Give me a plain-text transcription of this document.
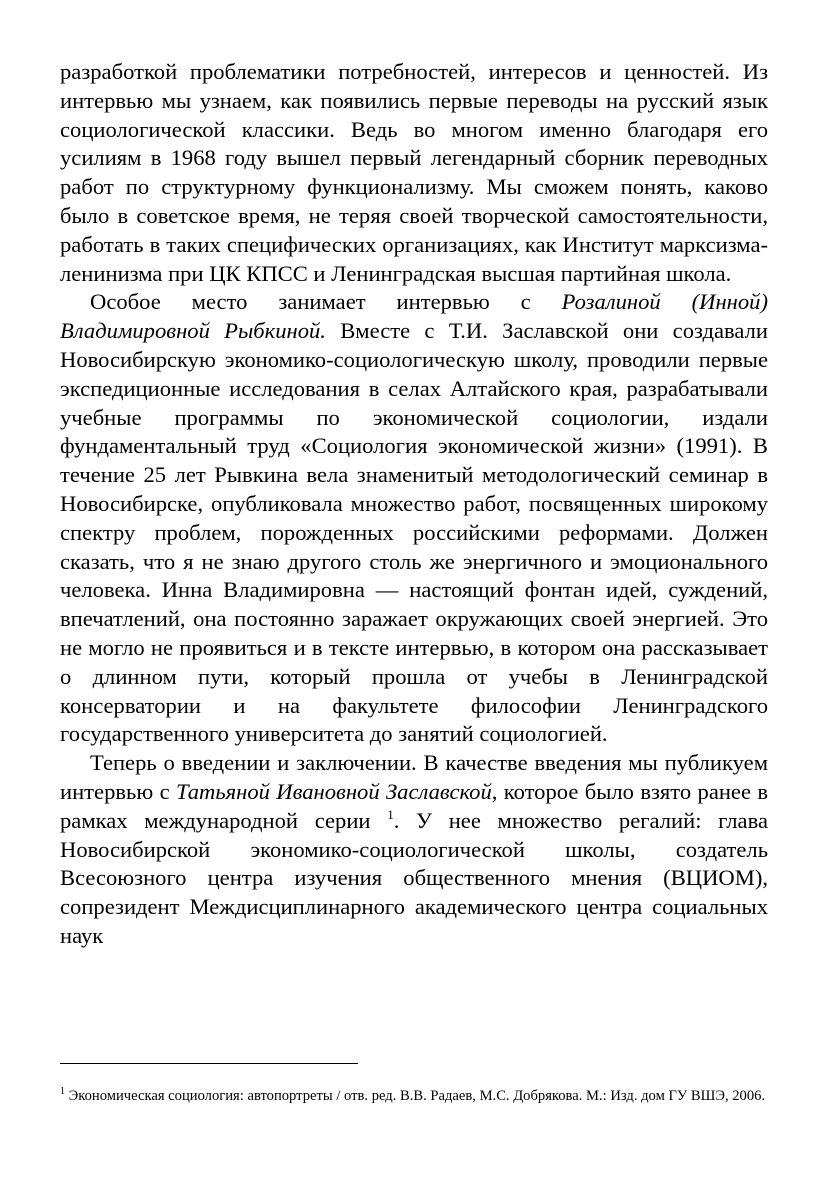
разработкой проблематики потребностей, интересов и ценностей. Из интервью мы узнаем, как появились первые переводы на русский язык социологической классики. Ведь во многом именно благодаря его усилиям в 1968 году вышел первый легендарный сборник переводных работ по структурному функционализму. Мы сможем понять, каково было в советское время, не теряя своей творческой самостоятельности, работать в таких специфических организациях, как Институт марксизма-ленинизма при ЦК КПСС и Ленинградская высшая партийная школа.

Особое место занимает интервью с Розалиной (Инной) Владимировной Рыбкиной. Вместе с Т.И. Заславской они создавали Новосибирскую экономико-социологическую школу, проводили первые экспедиционные исследования в селах Алтайского края, разрабатывали учебные программы по экономической социологии, издали фундаментальный труд «Социология экономической жизни» (1991). В течение 25 лет Рывкина вела знаменитый методологический семинар в Новосибирске, опубликовала множество работ, посвященных широкому спектру проблем, порожденных российскими реформами. Должен сказать, что я не знаю другого столь же энергичного и эмоционального человека. Инна Владимировна — настоящий фонтан идей, суждений, впечатлений, она постоянно заражает окружающих своей энергией. Это не могло не проявиться и в тексте интервью, в котором она рассказывает о длинном пути, который прошла от учебы в Ленинградской консерватории и на факультете философии Ленинградского государственного университета до занятий социологией.

Теперь о введении и заключении. В качестве введения мы публикуем интервью с Татьяной Ивановной Заславской, которое было взято ранее в рамках международной серии $^1$. У нее множество регалий: глава Новосибирской экономико-социологической школы, создатель Всесоюзного центра изучения общественного мнения (ВЦИОМ), сопрезидент Междисциплинарного академического центра социальных наук

$^1$ Экономическая социология: автопортреты / отв. ред. В.В. Радаев, М.С. Добрякова. М.: Изд. дом ГУ ВШЭ, 2006.
